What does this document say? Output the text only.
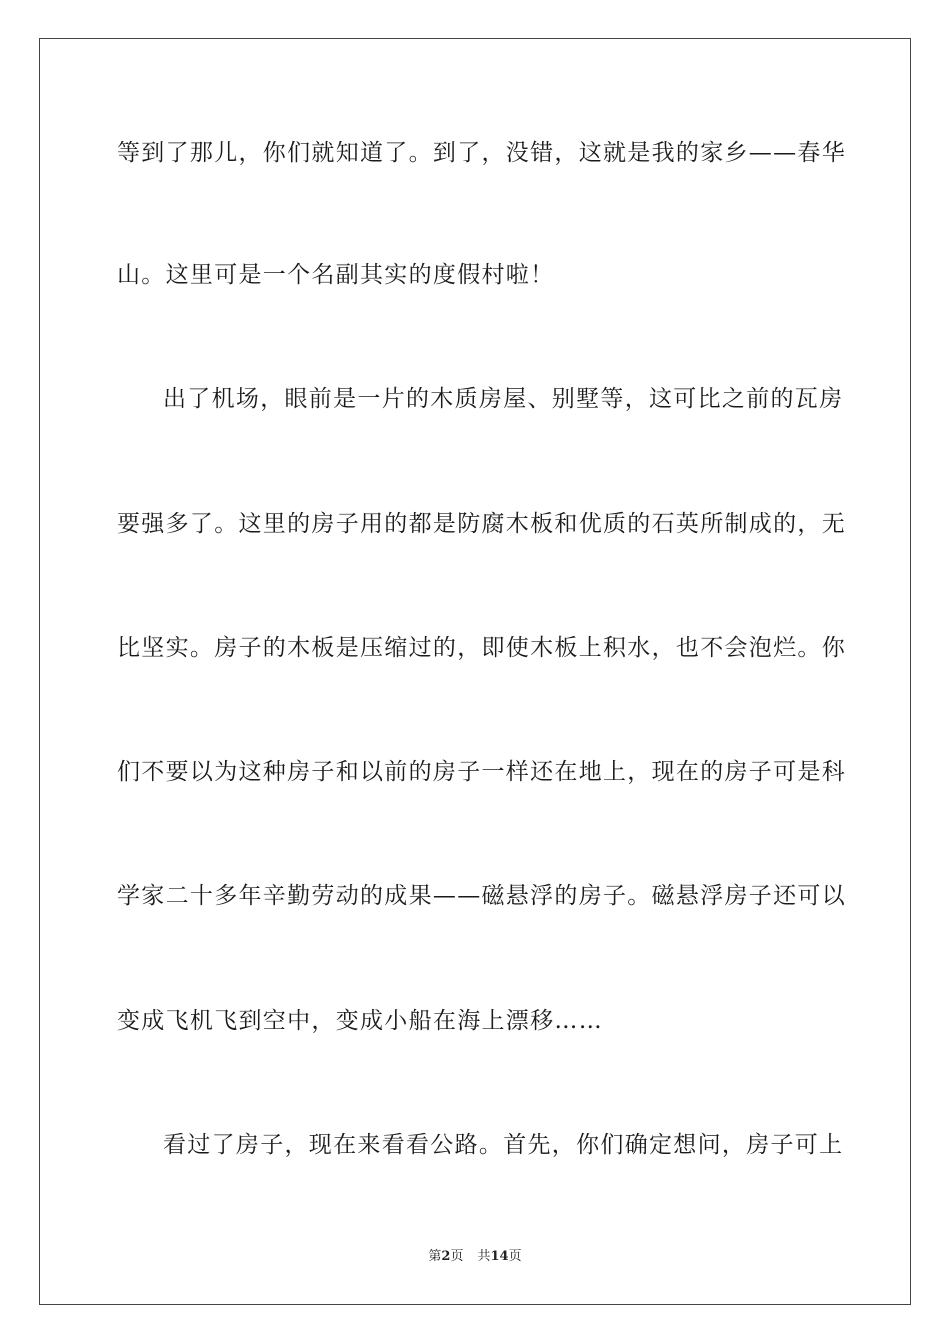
等到了那儿，你们就知道了。到了，没错，这就是我的家乡——春华
山。这里可是一个名副其实的度假村啦！
出了机场，眼前是一片的木质房屋、别墅等，这可比之前的瓦房
要强多了。这里的房子用的都是防腐木板和优质的石英所制成的，无
比坚实。房子的木板是压缩过的，即使木板上积水，也不会泡烂。你
们不要以为这种房子和以前的房子一样还在地上，现在的房子可是科
学家二十多年辛勤劳动的成果——磁悬浮的房子。磁悬浮房子还可以
变成飞机飞到空中，变成小船在海上漂移……
看过了房子，现在来看看公路。首先，你们确定想问，房子可上
第2页 共14页
